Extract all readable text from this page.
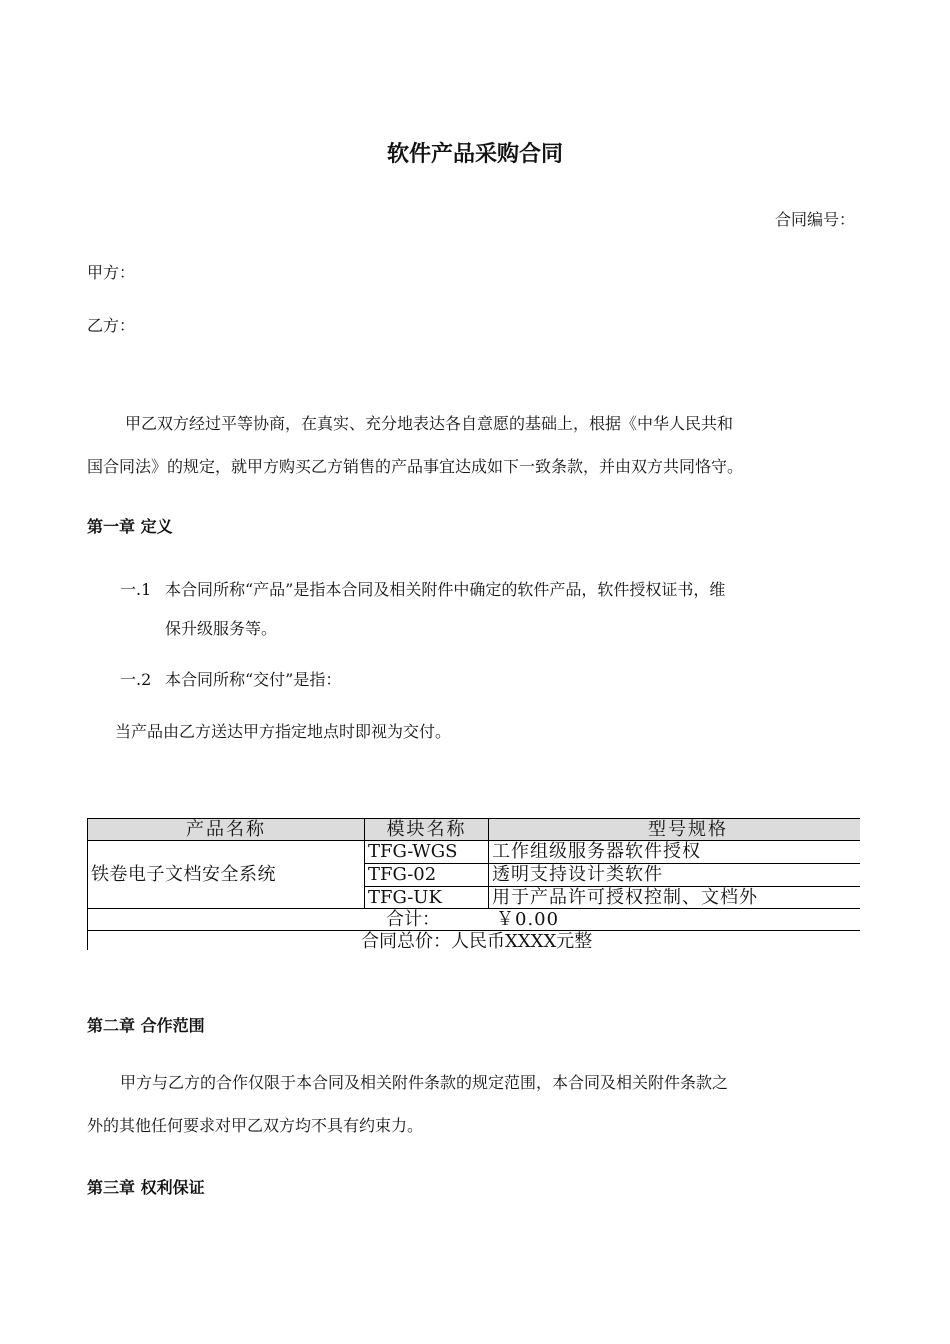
软件产品采购合同
合同编号：
甲方：
乙方：
甲乙双方经过平等协商，在真实、充分地表达各自意愿的基础上，根据《中华人民共和
国合同法》的规定，就甲方购买乙方销售的产品事宜达成如下一致条款，并由双方共同恪守。
第一章 定义
一.1 本合同所称“产品”是指本合同及相关附件中确定的软件产品，软件授权证书，维
保升级服务等。
一.2 本合同所称“交付”是指：
当产品由乙方送达甲方指定地点时即视为交付。
产品名称	模块名称	型号规格
铁卷电子文档安全系统
TFG-WGS	工作组级服务器软件授权
TFG-02	透明支持设计类软件
TFG-UK	用于产品许可授权控制、文档外
合计：	￥0.00
合同总价：人民币XXXX元整
第二章 合作范围
甲方与乙方的合作仅限于本合同及相关附件条款的规定范围，本合同及相关附件条款之
外的其他任何要求对甲乙双方均不具有约束力。
第三章 权利保证
